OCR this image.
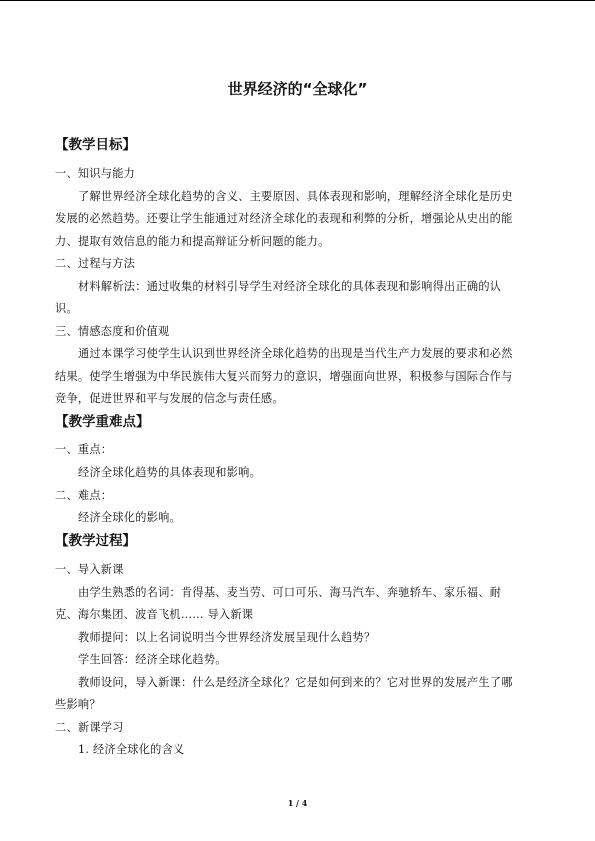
世界经济的“全球化”
【教学目标】
一、知识与能力
了解世界经济全球化趋势的含义、主要原因、具体表现和影响，理解经济全球化是历史
发展的必然趋势。还要让学生能通过对经济全球化的表现和利弊的分析，增强论从史出的能
力、提取有效信息的能力和提高辩证分析问题的能力。
二、过程与方法
材料解析法：通过收集的材料引导学生对经济全球化的具体表现和影响得出正确的认
识。
三、情感态度和价值观
通过本课学习使学生认识到世界经济全球化趋势的出现是当代生产力发展的要求和必然
结果。使学生增强为中华民族伟大复兴而努力的意识，增强面向世界，积极参与国际合作与
竞争，促进世界和平与发展的信念与责任感。
【教学重难点】
一、重点：
经济全球化趋势的具体表现和影响。
二、难点：
经济全球化的影响。
【教学过程】
一、导入新课
由学生熟悉的名词：肯得基、麦当劳、可口可乐、海马汽车、奔驰轿车、家乐福、耐
克、海尔集团、波音飞机…… 导入新课
教师提问：以上名词说明当今世界经济发展呈现什么趋势？
学生回答：经济全球化趋势。
教师设问，导入新课：什么是经济全球化？它是如何到来的？它对世界的发展产生了哪
些影响？
二、新课学习
1. 经济全球化的含义
1 / 4
